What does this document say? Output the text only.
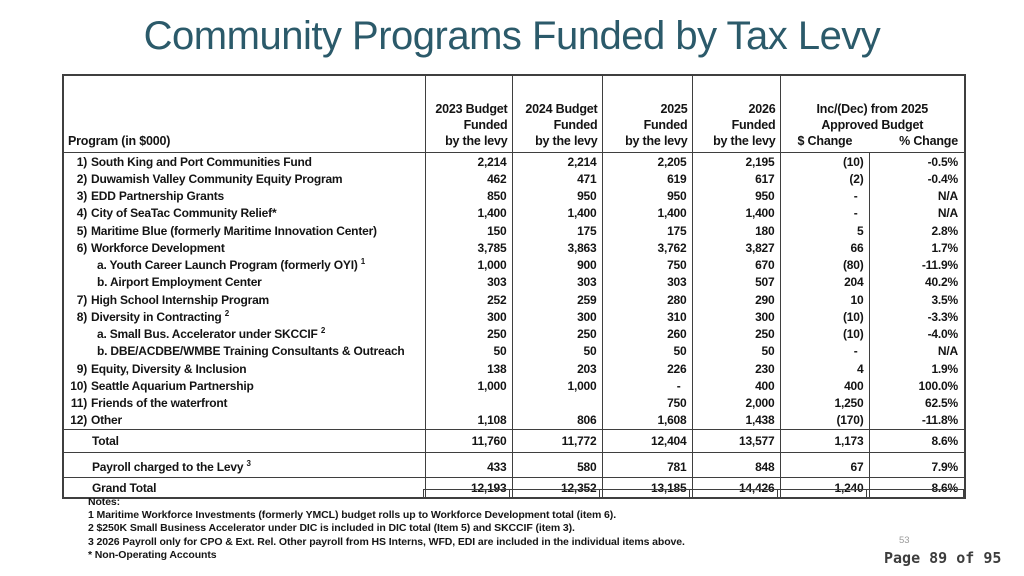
Community Programs Funded by Tax Levy
Program (in $000)	
2023 Budget
Funded
by the levy

2024 Budget
Funded
by the levy

2025
Funded
by the levy

2026
Funded
by the levy

Inc/(Dec) from 2025
Approved Budget
$ Change	% Change

1) South King and Port Communities Fund	2,214	2,214	2,205	2,195	(10)	-0.5%
2) Duwamish Valley Community Equity Program	462	471	619	617	(2)	-0.4%
3) EDD Partnership Grants	850	950	950	950	-	N/A
4) City of SeaTac Community Relief*	1,400	1,400	1,400	1,400	-	N/A
5) Maritime Blue (formerly Maritime Innovation Center)	150	175	175	180	5	2.8%
6) Workforce Development	3,785	3,863	3,762	3,827	66	1.7%
a. Youth Career Launch Program (formerly OYI) $^1$	1,000	900	750	670	(80)	-11.9%
b. Airport Employment Center	303	303	303	507	204	40.2%
7) High School Internship Program	252	259	280	290	10	3.5%
8) Diversity in Contracting $^2$	300	300	310	300	(10)	-3.3%
a. Small Bus. Accelerator under SKCCIF $^2$	250	250	260	250	(10)	-4.0%
b. DBE/ACDBE/WMBE Training Consultants & Outreach	50	50	50	50	-	N/A
9) Equity, Diversity & Inclusion	138	203	226	230	4	1.9%
10) Seattle Aquarium Partnership	1,000	1,000	-	400	400	100.0%
11) Friends of the waterfront			750	2,000	1,250	62.5%
12) Other	1,108	806	1,608	1,438	(170)	-11.8%
Total	11,760	11,772	12,404	13,577	1,173	8.6%
Payroll charged to the Levy $^3$	433	580	781	848	67	7.9%
Grand Total	12,193	12,352	13,185	14,426	1,240	8.6%
Notes:
1 Maritime Workforce Investments (formerly YMCL) budget rolls up to Workforce Development total (item 6).
2 $250K Small Business Accelerator under DIC is included in DIC total (Item 5) and SKCCIF (item 3).
3 2026 Payroll only for CPO & Ext. Rel. Other payroll from HS Interns, WFD, EDI are included in the individual items above.
* Non-Operating Accounts
53
Page 89 of 95
